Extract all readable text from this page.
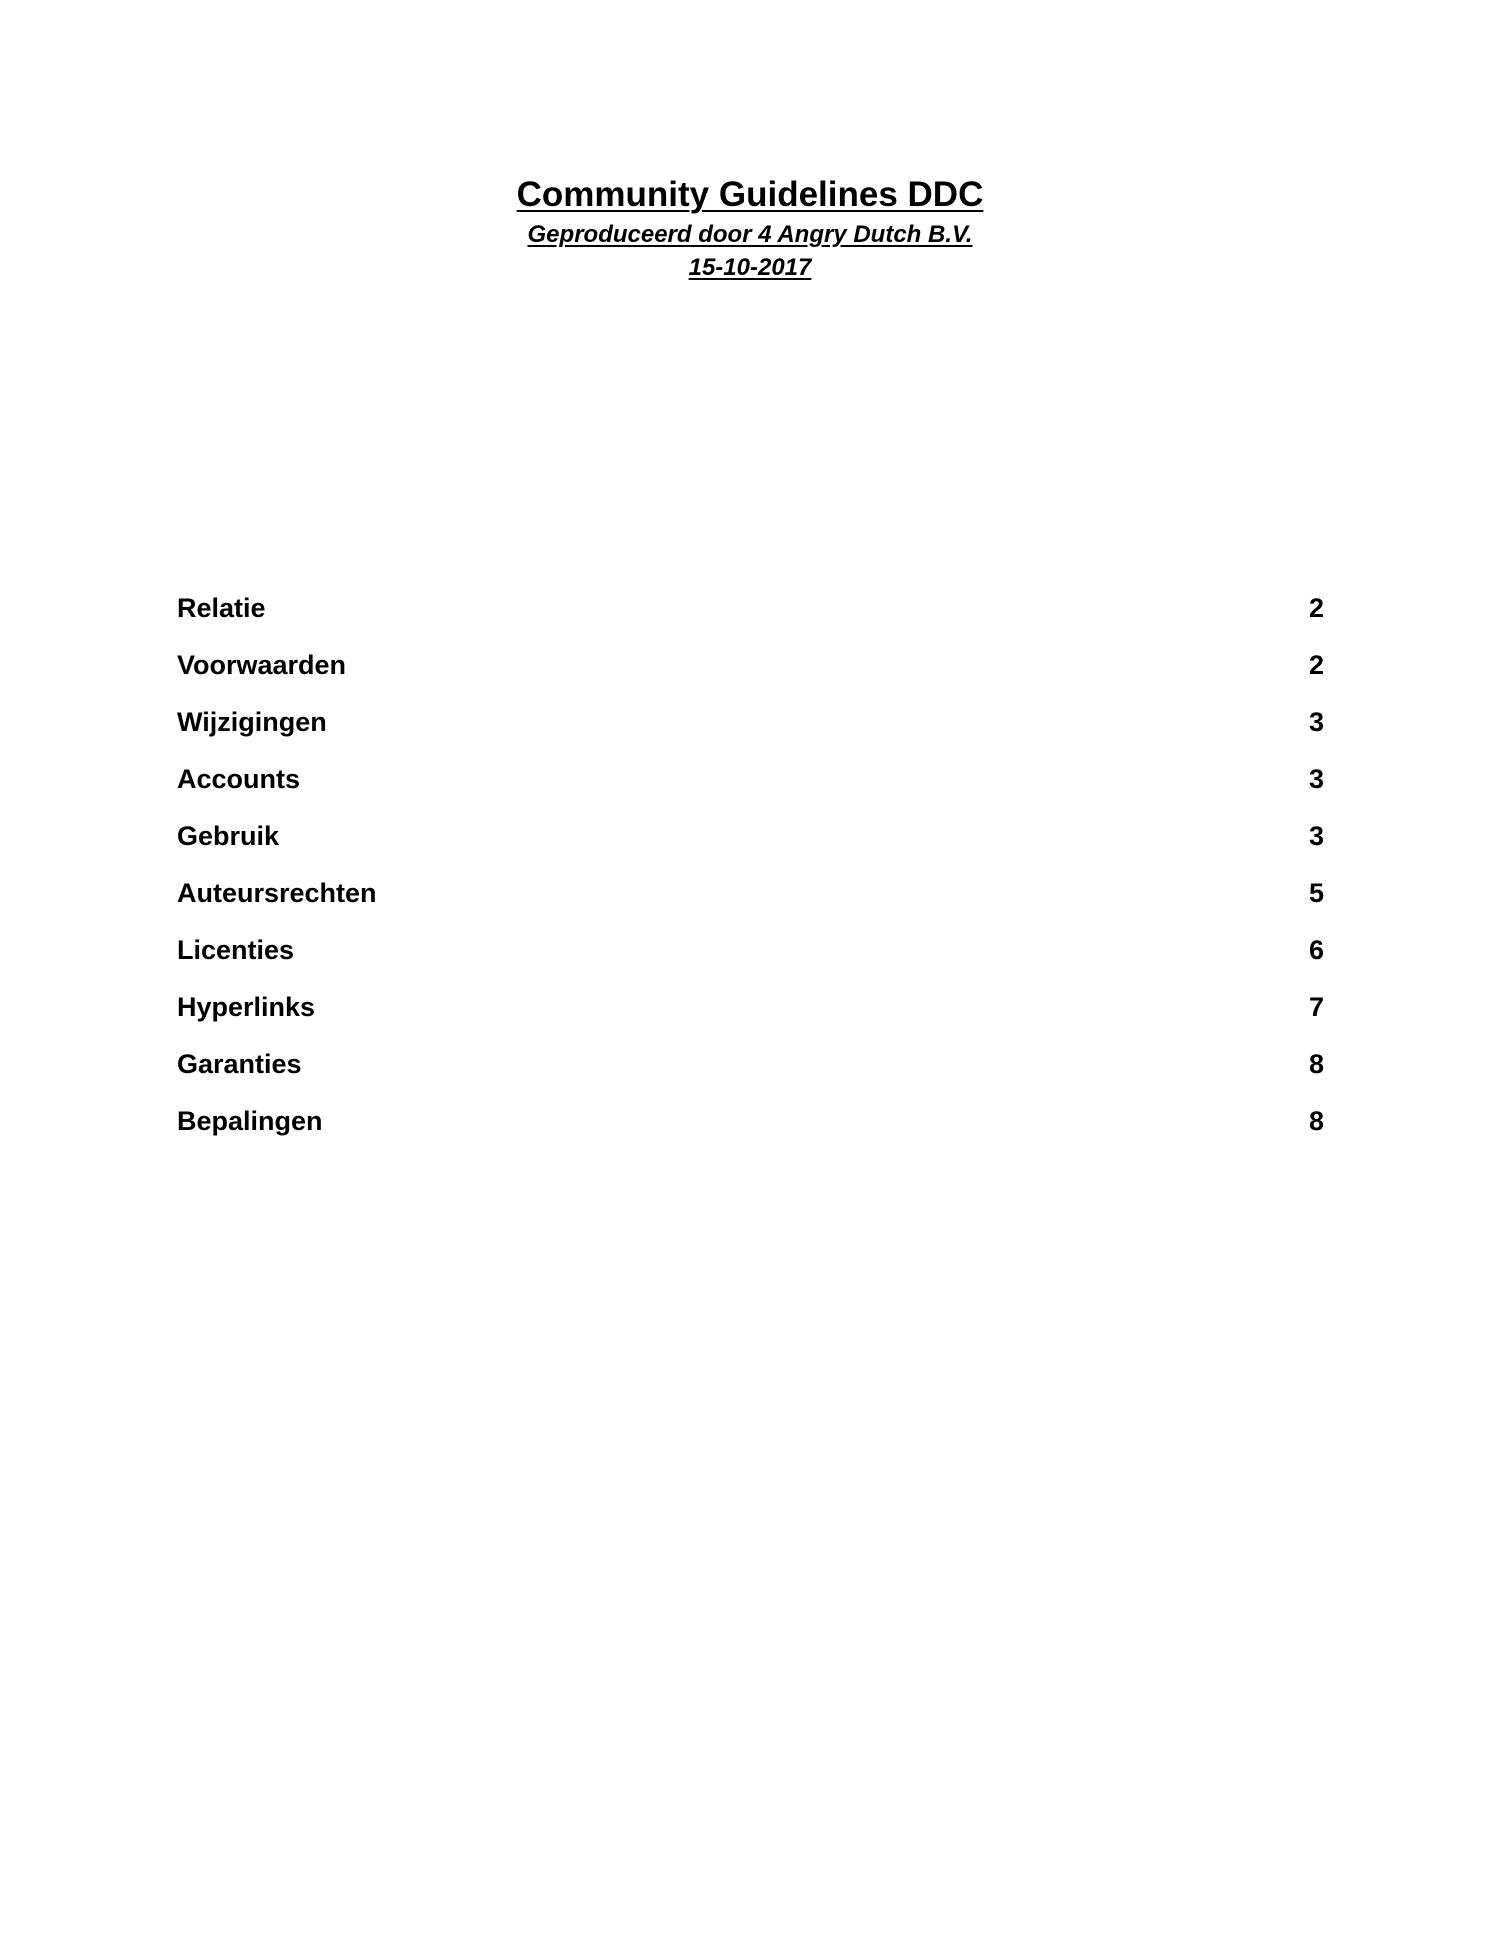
Community Guidelines DDC

Geproduceerd door 4 Angry Dutch B.V.

15-10-2017

Relatie	2
Voorwaarden	2
Wijzigingen	3
Accounts	3
Gebruik	3
Auteursrechten	5
Licenties	6
Hyperlinks	7
Garanties	8
Bepalingen	8
